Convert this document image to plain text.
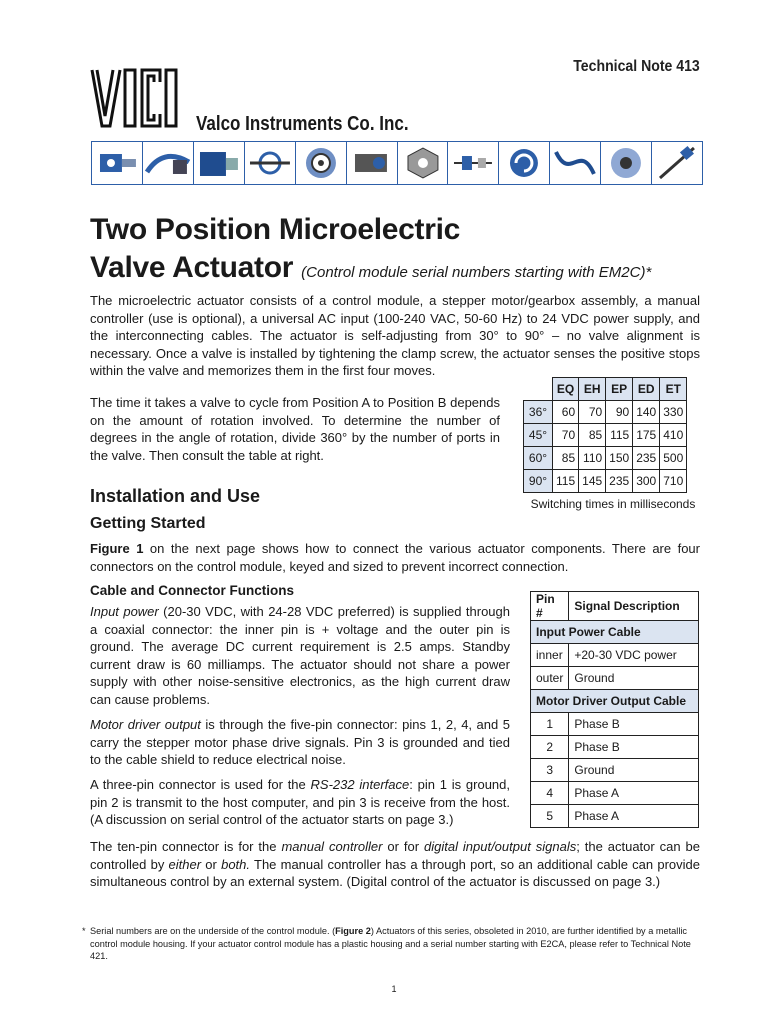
Technical Note 413
Valco Instruments Co. Inc.
Two Position Microelectric
Valve Actuator (Control module serial numbers starting with EM2C)*

The microelectric actuator consists of a control module, a stepper motor/gearbox assembly, a manual controller (use is optional), a universal AC input (100-240 VAC, 50-60 Hz) to 24 VDC power supply, and the interconnecting cables. The actuator is self-adjusting from 30° to 90° – no valve alignment is necessary. Once a valve is installed by tightening the clamp screw, the actuator senses the positive stops within the valve and memorizes them in the first four moves.

The time it takes a valve to cycle from Position A to Position B depends on the amount of rotation involved. To determine the number of degrees in the angle of rotation, divide 360° by the number of ports in the valve. Then consult the table at right.

	EQ	EH	EP	ED	ET
36°	60	70	90	140	330
45°	70	85	115	175	410
60°	85	110	150	235	500
90°	115	145	235	300	710
Switching times in milliseconds
Installation and Use
Getting Started

Figure 1 on the next page shows how to connect the various actuator components. There are four connectors on the control module, keyed and sized to prevent incorrect connection.

Cable and Connector Functions

Input power (20-30 VDC, with 24-28 VDC preferred) is supplied through a coaxial connector: the inner pin is + voltage and the outer pin is ground. The average DC current requirement is 2.5 amps. Standby current draw is 60 milliamps. The actuator should not share a power supply with other noise-sensitive electronics, as the high current draw can cause problems.

Motor driver output is through the five-pin connector: pins 1, 2, 4, and 5 carry the stepper motor phase drive signals. Pin 3 is grounded and tied to the cable shield to reduce electrical noise.

A three-pin connector is used for the RS-232 interface: pin 1 is ground, pin 2 is transmit to the host computer, and pin 3 is receive from the host. (A discussion on serial control of the actuator starts on page 3.)

The ten-pin connector is for the manual controller or for digital input/output signals; the actuator can be controlled by either or both. The manual controller has a through port, so an additional cable can provide simultaneous control by an external system. (Digital control of the actuator is discussed on page 3.)

Pin #	Signal Description
Input Power Cable	
inner	+20-30 VDC power
outer	Ground
Motor Driver Output Cable	
1	Phase B
2	Phase B
3	Ground
4	Phase A
5	Phase A
* Serial numbers are on the underside of the control module. (Figure 2) Actuators of this series, obsoleted in 2010, are further identified by a metallic control module housing. If your actuator control module has a plastic housing and a serial number starting with E2CA, please refer to Technical Note 421.
1
